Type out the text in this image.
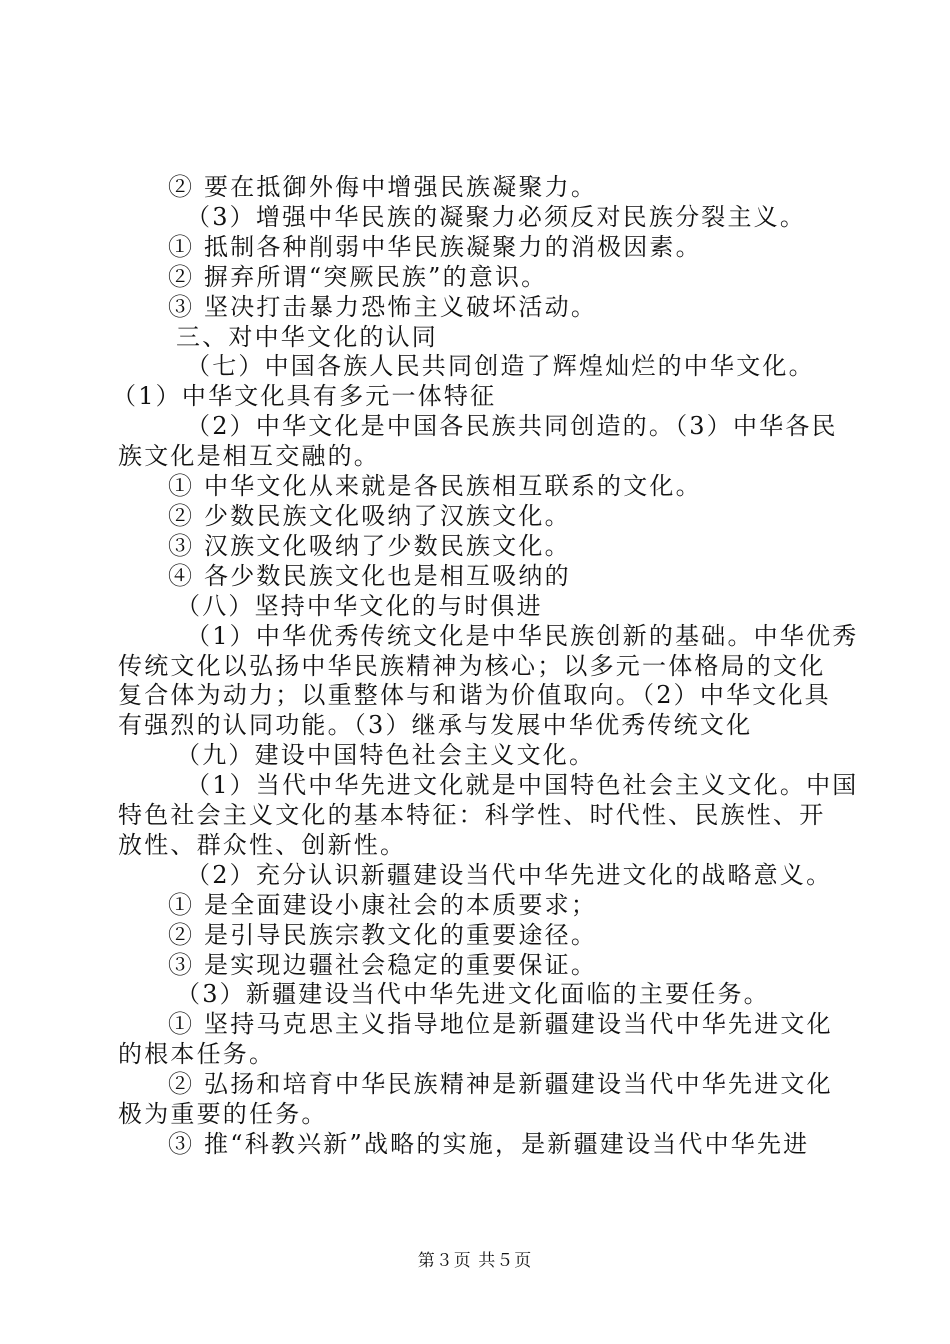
② 要在抵御外侮中增强民族凝聚力。

（3）增强中华民族的凝聚力必须反对民族分裂主义。

① 抵制各种削弱中华民族凝聚力的消极因素。

② 摒弃所谓“突厥民族”的意识。

③ 坚决打击暴力恐怖主义破坏活动。

三、对中华文化的认同

（七）中国各族人民共同创造了辉煌灿烂的中华文化。

（1）中华文化具有多元一体特征

（2）中华文化是中国各民族共同创造的。（3）中华各民

族文化是相互交融的。

① 中华文化从来就是各民族相互联系的文化。

② 少数民族文化吸纳了汉族文化。

③ 汉族文化吸纳了少数民族文化。

④ 各少数民族文化也是相互吸纳的

（八）坚持中华文化的与时俱进

（1）中华优秀传统文化是中华民族创新的基础。中华优秀

传统文化以弘扬中华民族精神为核心；以多元一体格局的文化

复合体为动力；以重整体与和谐为价值取向。（2）中华文化具

有强烈的认同功能。（3）继承与发展中华优秀传统文化

（九）建设中国特色社会主义文化。

（1）当代中华先进文化就是中国特色社会主义文化。中国

特色社会主义文化的基本特征：科学性、时代性、民族性、开

放性、群众性、创新性。

（2）充分认识新疆建设当代中华先进文化的战略意义。

① 是全面建设小康社会的本质要求；

② 是引导民族宗教文化的重要途径。

③ 是实现边疆社会稳定的重要保证。

（3）新疆建设当代中华先进文化面临的主要任务。

① 坚持马克思主义指导地位是新疆建设当代中华先进文化

的根本任务。

② 弘扬和培育中华民族精神是新疆建设当代中华先进文化

极为重要的任务。

③ 推“科教兴新”战略的实施，是新疆建设当代中华先进

第３页 共５页
